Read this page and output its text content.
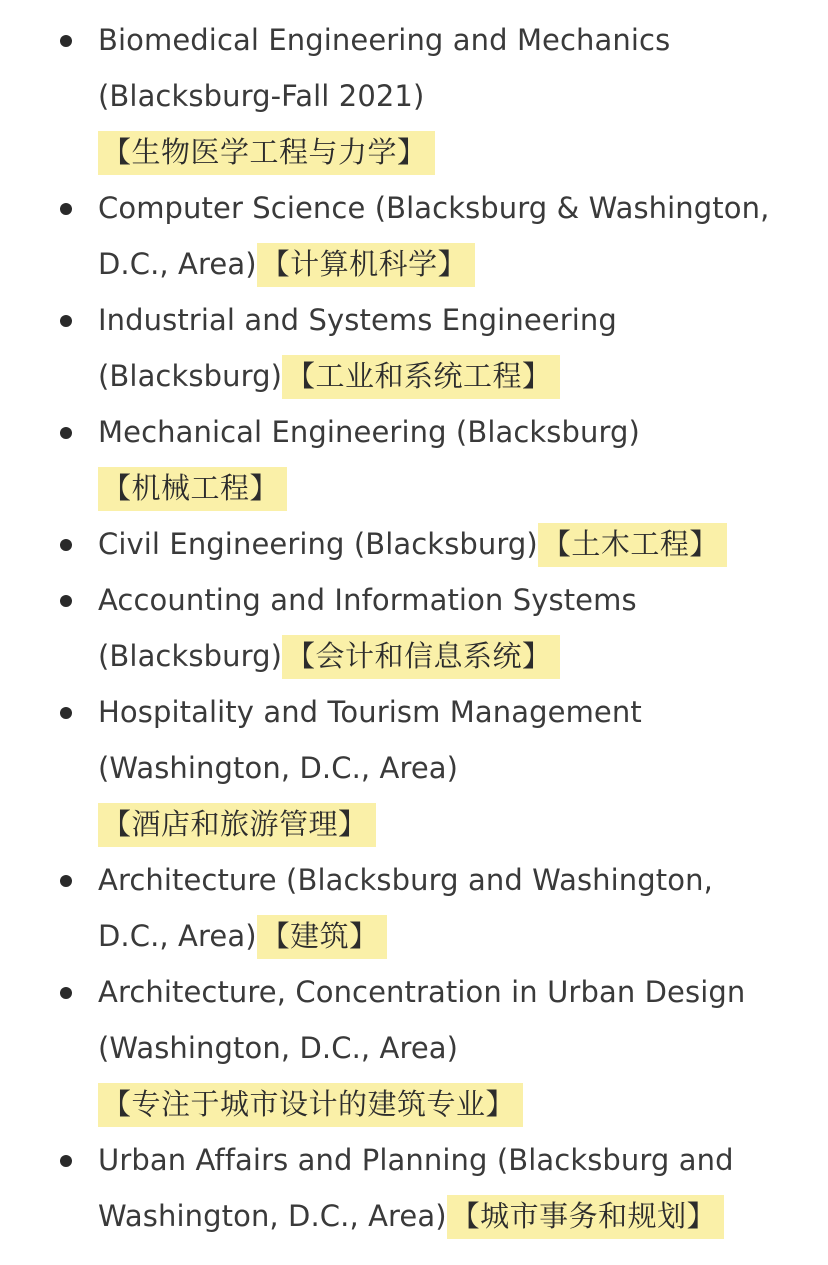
Biomedical Engineering and Mechanics (Blacksburg-Fall 2021)
【生物医学工程与力学】
Computer Science (Blacksburg & Washington, D.C., Area) 【计算机科学】
Industrial and Systems Engineering (Blacksburg) 【工业和系统工程】
Mechanical Engineering (Blacksburg)
【机械工程】
Civil Engineering (Blacksburg) 【土木工程】
Accounting and Information Systems (Blacksburg) 【会计和信息系统】
Hospitality and Tourism Management (Washington, D.C., Area)
【酒店和旅游管理】
Architecture (Blacksburg and Washington, D.C., Area) 【建筑】
Architecture, Concentration in Urban Design (Washington, D.C., Area)
【专注于城市设计的建筑专业】
Urban Affairs and Planning (Blacksburg and Washington, D.C., Area) 【城市事务和规划】
